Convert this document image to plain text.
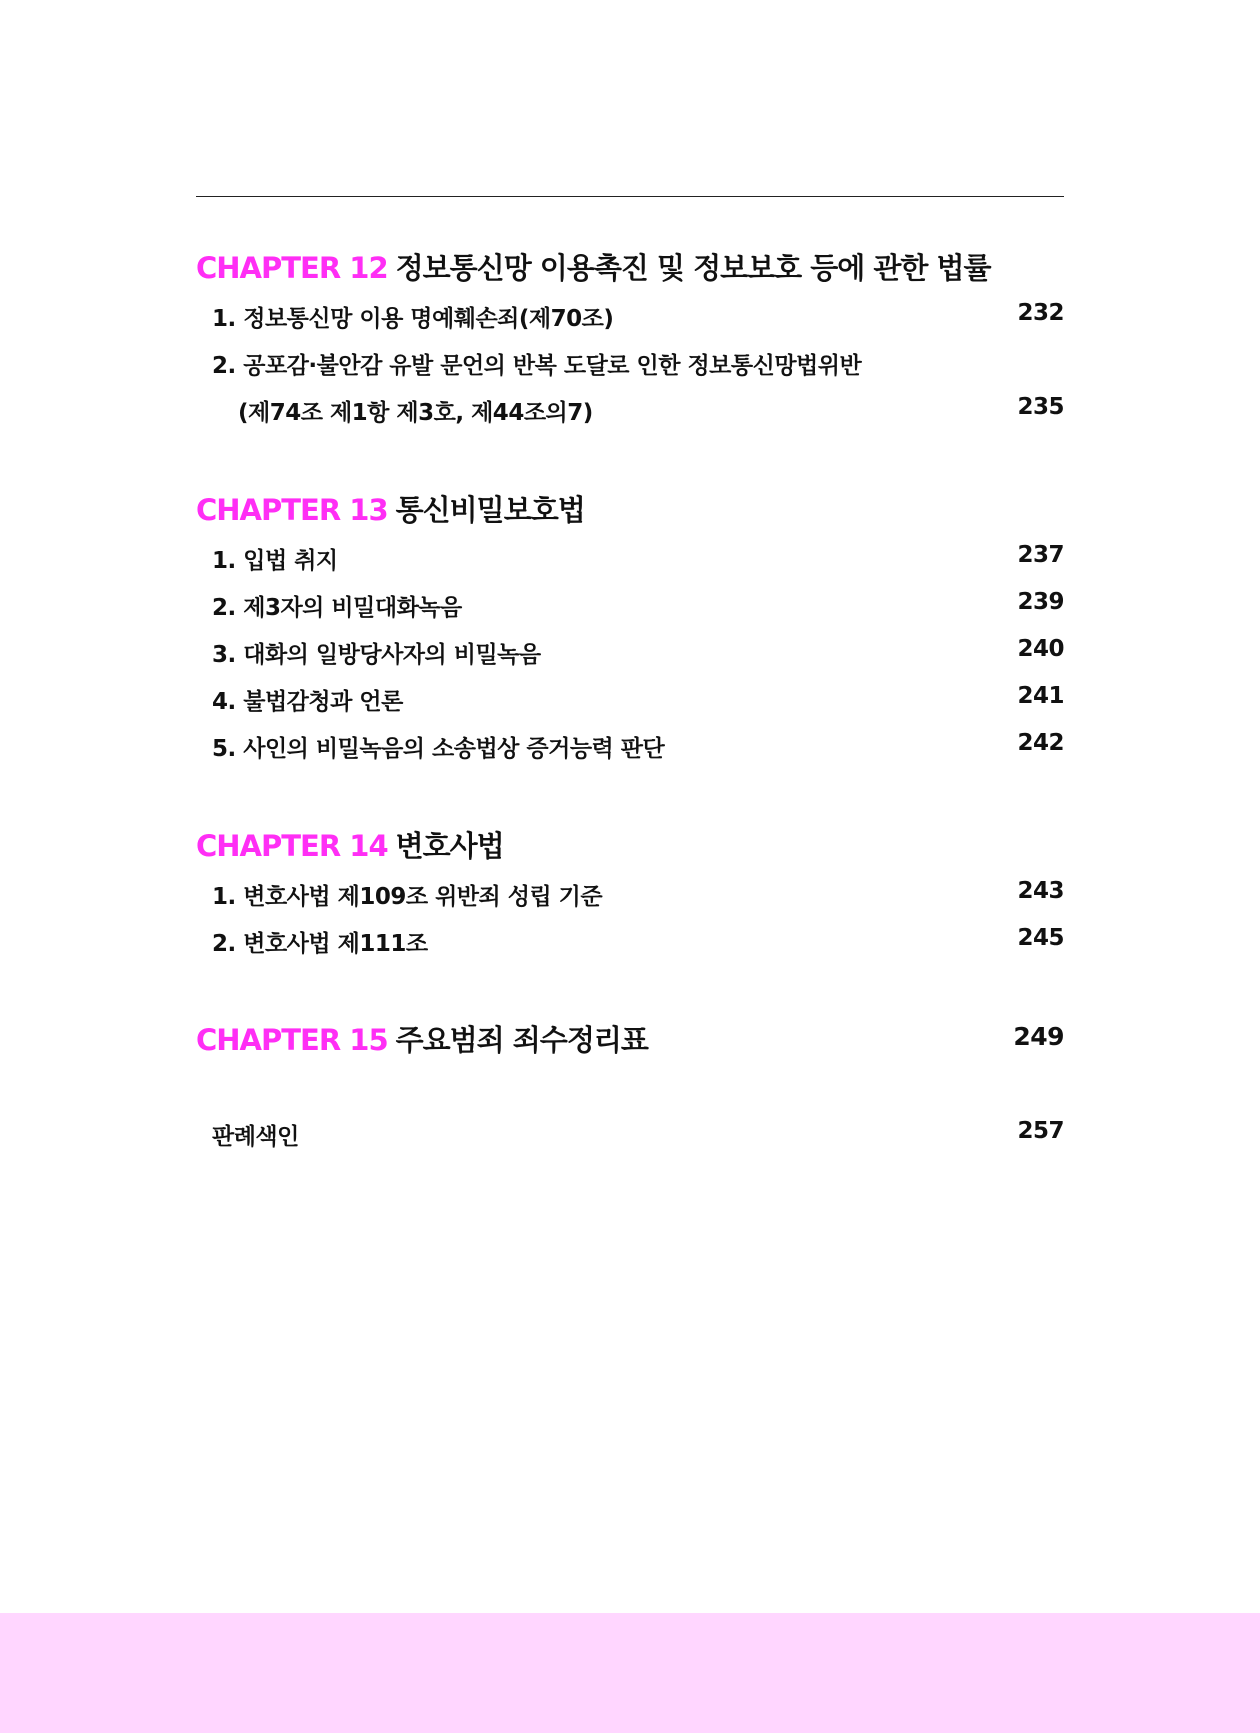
CHAPTER 12 정보통신망 이용촉진 및 정보보호 등에 관한 법률
1. 정보통신망 이용 명예훼손죄(제70조)	232
2. 공포감·불안감 유발 문언의 반복 도달로 인한 정보통신망법위반
(제74조 제1항 제3호, 제44조의7)	235
CHAPTER 13 통신비밀보호법
1. 입법 취지	237
2. 제3자의 비밀대화녹음	239
3. 대화의 일방당사자의 비밀녹음	240
4. 불법감청과 언론	241
5. 사인의 비밀녹음의 소송법상 증거능력 판단	242
CHAPTER 14 변호사법
1. 변호사법 제109조 위반죄 성립 기준	243
2. 변호사법 제111조	245
CHAPTER 15 주요범죄 죄수정리표	249
판례색인	257
